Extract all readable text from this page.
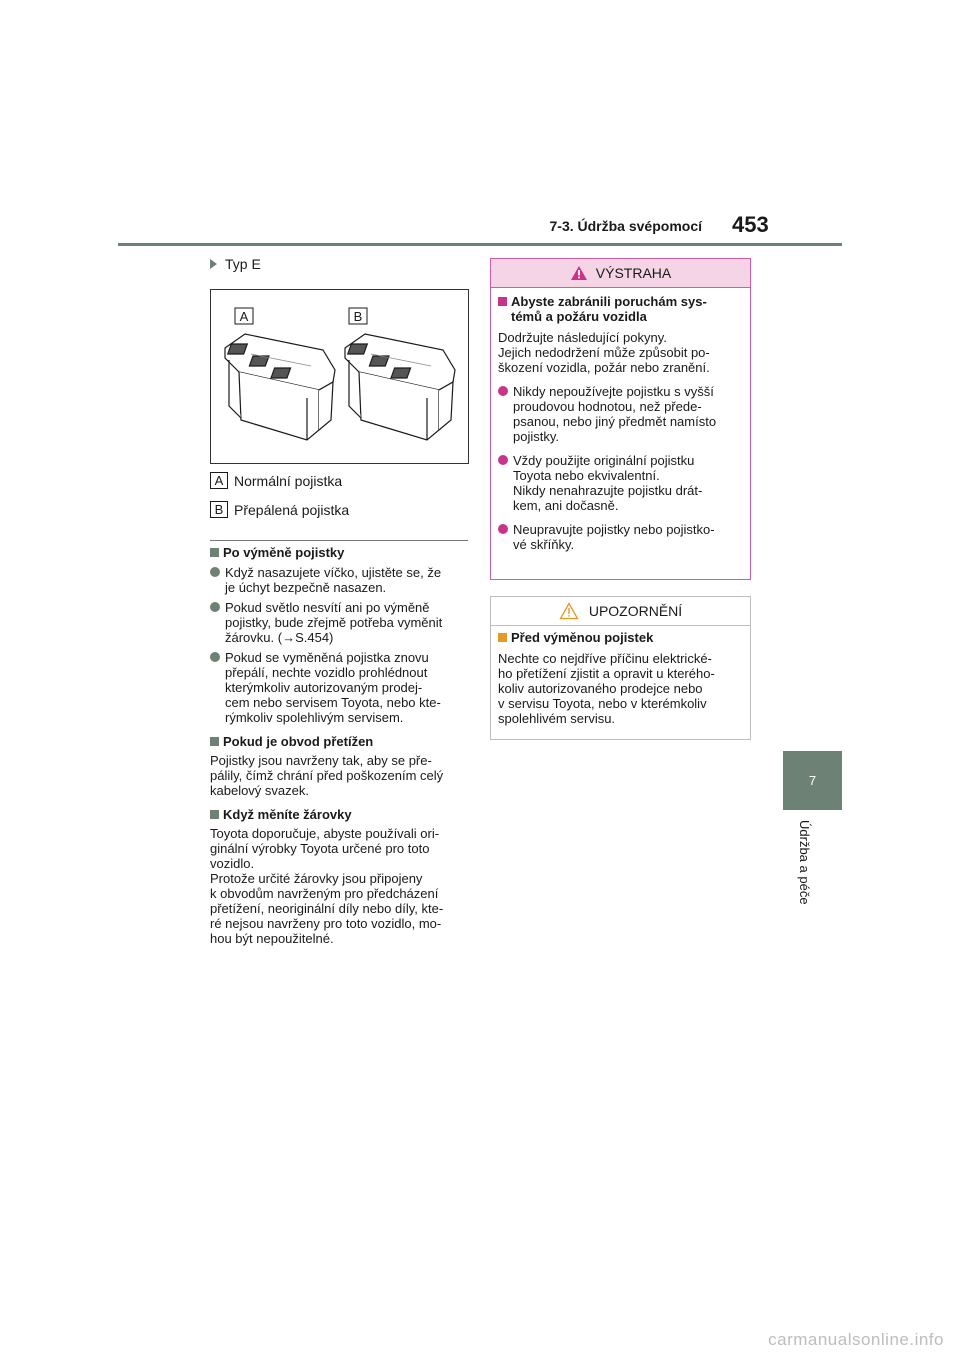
7-3. Údržba svépomocí 453
7
Údržba a péče
Typ E
A	B
A Normální pojistka
B Přepálená pojistka
Po výměně pojistky
Když nasazujete víčko, ujistěte se, že
je úchyt bezpečně nasazen.
Pokud světlo nesvítí ani po výměně
pojistky, bude zřejmě potřeba vyměnit
žárovku. (→S.454)
Pokud se vyměněná pojistka znovu
přepálí, nechte vozidlo prohlédnout
kterýmkoliv autorizovaným prodej-
cem nebo servisem Toyota, nebo kte-
rýmkoliv spolehlivým servisem.
Pokud je obvod přetížen
Pojistky jsou navrženy tak, aby se pře-
pálily, čímž chrání před poškozením celý
kabelový svazek.
Když měníte žárovky
Toyota doporučuje, abyste používali ori-
ginální výrobky Toyota určené pro toto
vozidlo.
Protože určité žárovky jsou připojeny
k obvodům navrženým pro předcházení
přetížení, neoriginální díly nebo díly, kte-
ré nejsou navrženy pro toto vozidlo, mo-
hou být nepoužitelné.
VÝSTRAHA
Abyste zabránili poruchám sys-
témů a požáru vozidla
Dodržujte následující pokyny.
Jejich nedodržení může způsobit po-
škození vozidla, požár nebo zranění.
Nikdy nepoužívejte pojistku s vyšší
proudovou hodnotou, než přede-
psanou, nebo jiný předmět namísto
pojistky.
Vždy použijte originální pojistku
Toyota nebo ekvivalentní.
Nikdy nenahrazujte pojistku drát-
kem, ani dočasně.
Neupravujte pojistky nebo pojistko-
vé skříňky.
UPOZORNĚNÍ
Před výměnou pojistek
Nechte co nejdříve příčinu elektrické-
ho přetížení zjistit a opravit u kterého-
koliv autorizovaného prodejce nebo
v servisu Toyota, nebo v kterémkoliv
spolehlivém servisu.
carmanualsonline.info
